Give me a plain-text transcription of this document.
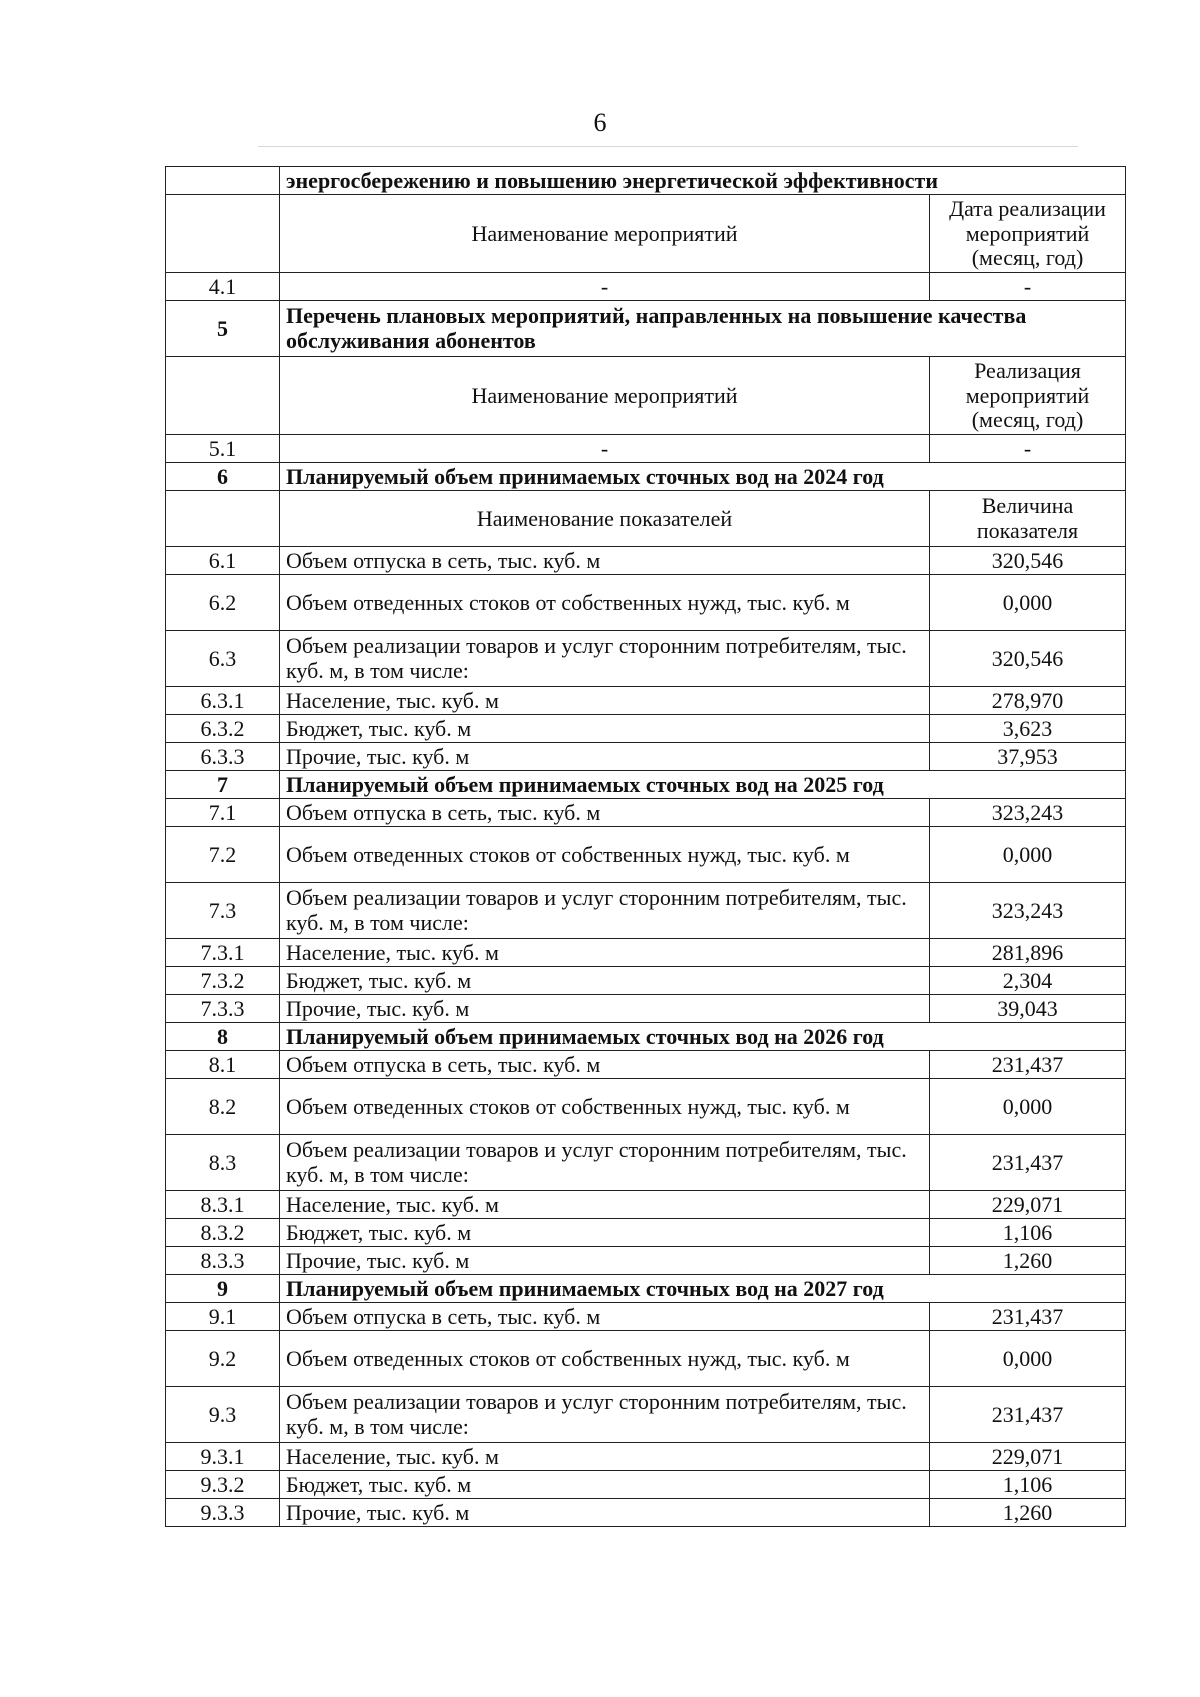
6
	энергосбережению и повышению энергетической эффективности	
	Наименование мероприятий	Дата реализации мероприятий (месяц, год)
4.1	-	-
5	Перечень плановых мероприятий, направленных на повышение качества обслуживания абонентов	
	Наименование мероприятий	Реализация мероприятий (месяц, год)
5.1	-	-
6	Планируемый объем принимаемых сточных вод на 2024 год	
	Наименование показателей	Величина показателя
6.1	Объем отпуска в сеть, тыс. куб. м	320,546
6.2	Объем отведенных стоков от собственных нужд, тыс. куб. м	0,000
6.3	Объем реализации товаров и услуг сторонним потребителям, тыс. куб. м, в том числе:	320,546
6.3.1	Население, тыс. куб. м	278,970
6.3.2	Бюджет, тыс. куб. м	3,623
6.3.3	Прочие, тыс. куб. м	37,953
7	Планируемый объем принимаемых сточных вод на 2025 год	
7.1	Объем отпуска в сеть, тыс. куб. м	323,243
7.2	Объем отведенных стоков от собственных нужд, тыс. куб. м	0,000
7.3	Объем реализации товаров и услуг сторонним потребителям, тыс. куб. м, в том числе:	323,243
7.3.1	Население, тыс. куб. м	281,896
7.3.2	Бюджет, тыс. куб. м	2,304
7.3.3	Прочие, тыс. куб. м	39,043
8	Планируемый объем принимаемых сточных вод на 2026 год	
8.1	Объем отпуска в сеть, тыс. куб. м	231,437
8.2	Объем отведенных стоков от собственных нужд, тыс. куб. м	0,000
8.3	Объем реализации товаров и услуг сторонним потребителям, тыс. куб. м, в том числе:	231,437
8.3.1	Население, тыс. куб. м	229,071
8.3.2	Бюджет, тыс. куб. м	1,106
8.3.3	Прочие, тыс. куб. м	1,260
9	Планируемый объем принимаемых сточных вод на 2027 год	
9.1	Объем отпуска в сеть, тыс. куб. м	231,437
9.2	Объем отведенных стоков от собственных нужд, тыс. куб. м	0,000
9.3	Объем реализации товаров и услуг сторонним потребителям, тыс. куб. м, в том числе:	231,437
9.3.1	Население, тыс. куб. м	229,071
9.3.2	Бюджет, тыс. куб. м	1,106
9.3.3	Прочие, тыс. куб. м	1,260
